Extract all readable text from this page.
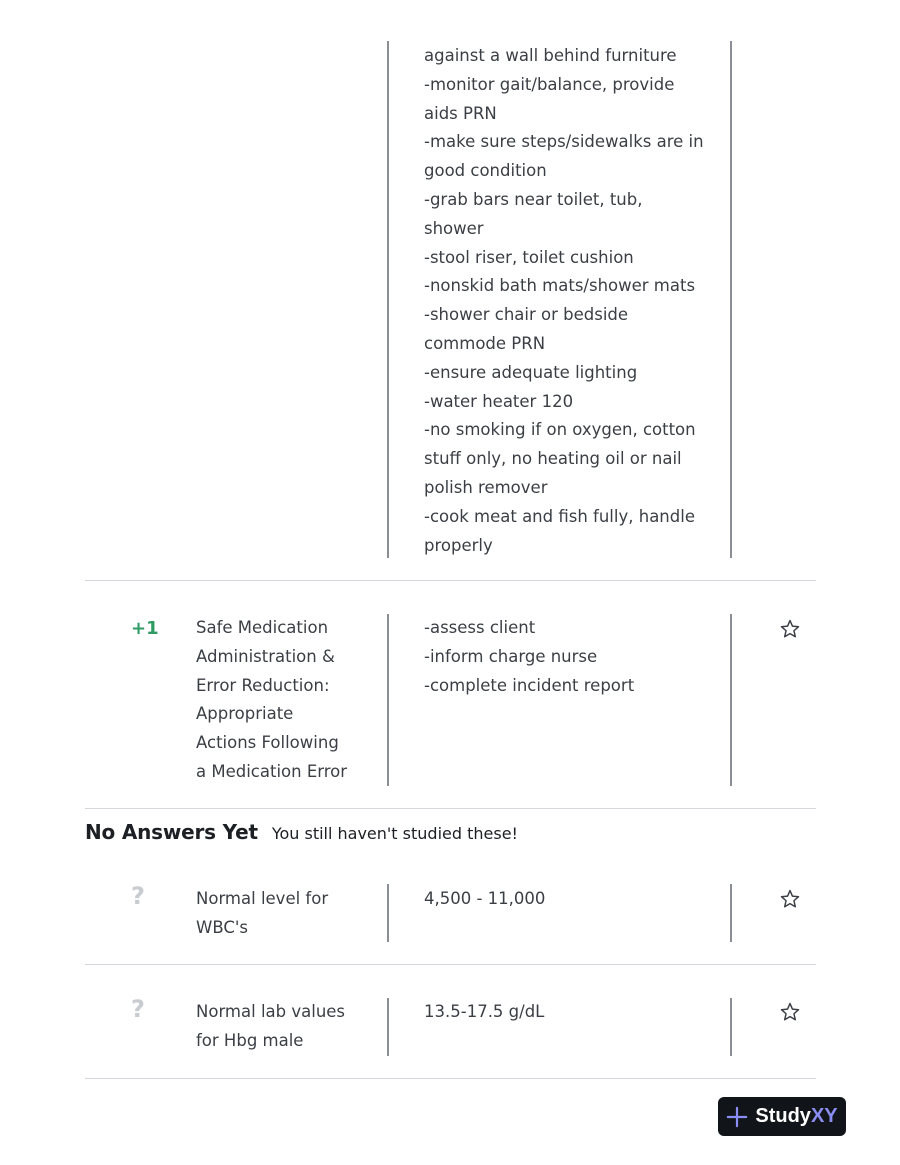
against a wall behind furniture
-monitor gait/balance, provide
aids PRN
-make sure steps/sidewalks are in
good condition
-grab bars near toilet, tub,
shower
-stool riser, toilet cushion
-nonskid bath mats/shower mats
-shower chair or bedside
commode PRN
-ensure adequate lighting
-water heater 120
-no smoking if on oxygen, cotton
stuff only, no heating oil or nail
polish remover
-cook meat and fish fully, handle
properly
+1 Safe Medication
Administration &
Error Reduction:
Appropriate
Actions Following
a Medication Error
-assess client
-inform charge nurse
-complete incident report
No Answers Yet You still haven't studied these!
?	Normal level for
WBC's
4,500 - 11,000
?	Normal lab values
for Hbg male
13.5-17.5 g/dL
StudyXY
